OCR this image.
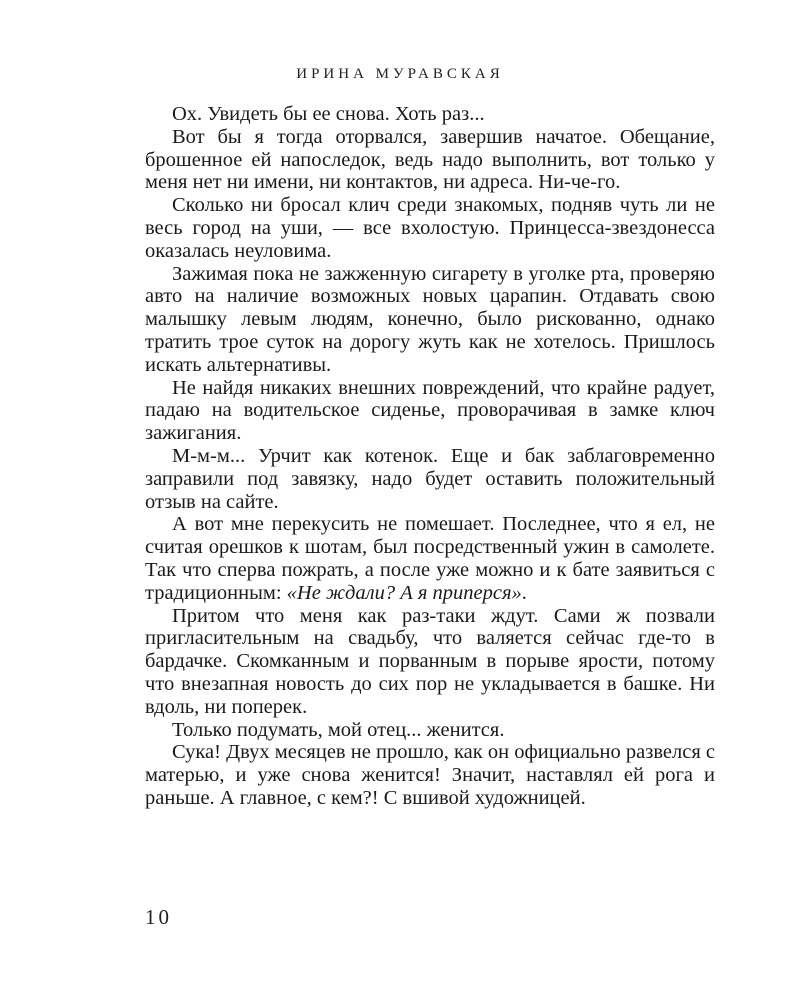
ИРИНА МУРАВСКАЯ

Ох. Увидеть бы ее снова. Хоть раз...

Вот бы я тогда оторвался, завершив начатое. Обещание, брошенное ей напоследок, ведь надо выполнить, вот только у меня нет ни имени, ни контактов, ни адреса. Ни-че-го.

Сколько ни бросал клич среди знакомых, подняв чуть ли не весь город на уши, — все вхолостую. Принцесса-звездонесса оказалась неуловима.

Зажимая пока не зажженную сигарету в уголке рта, проверяю авто на наличие возможных новых царапин. Отдавать свою малышку левым людям, конечно, было рискованно, однако тратить трое суток на дорогу жуть как не хотелось. Пришлось искать альтернативы.

Не найдя никаких внешних повреждений, что крайне радует, падаю на водительское сиденье, проворачивая в замке ключ зажигания.

М-м-м... Урчит как котенок. Еще и бак заблаговременно заправили под завязку, надо будет оставить положительный отзыв на сайте.

А вот мне перекусить не помешает. Последнее, что я ел, не считая орешков к шотам, был посредственный ужин в самолете. Так что сперва пожрать, а после уже можно и к бате заявиться с традиционным: «Не ждали? А я приперся».

Притом что меня как раз-таки ждут. Сами ж позвали пригласительным на свадьбу, что валяется сейчас где-то в бардачке. Скомканным и порванным в порыве ярости, потому что внезапная новость до сих пор не укладывается в башке. Ни вдоль, ни поперек.

Только подумать, мой отец... женится.

Сука! Двух месяцев не прошло, как он официально развелся с матерью, и уже снова женится! Значит, наставлял ей рога и раньше. А главное, с кем?! С вшивой художницей.

10
